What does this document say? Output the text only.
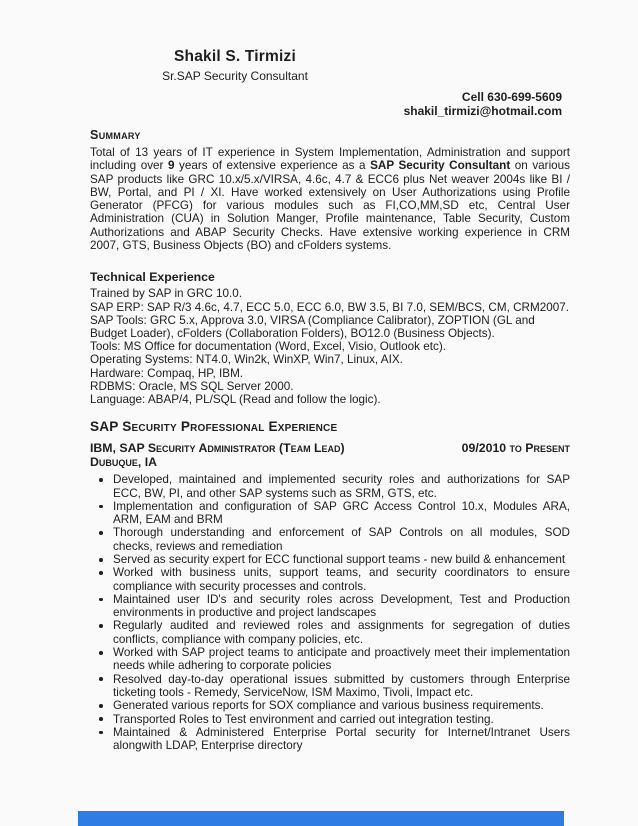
Shakil S. Tirmizi
Sr.SAP Security Consultant
Cell 630-699-5609
shakil_tirmizi@hotmail.com
Summary

Total of 13 years of IT experience in System Implementation, Administration and support including over 9 years of extensive experience as a SAP Security Consultant on various SAP products like GRC 10.x/5.x/VIRSA, 4.6c, 4.7 & ECC6 plus Net weaver 2004s like BI / BW, Portal, and PI / XI. Have worked extensively on User Authorizations using Profile Generator (PFCG) for various modules such as FI,CO,MM,SD etc, Central User Administration (CUA) in Solution Manger, Profile maintenance, Table Security, Custom Authorizations and ABAP Security Checks. Have extensive working experience in CRM 2007, GTS, Business Objects (BO) and cFolders systems.

Technical Experience
Trained by SAP in GRC 10.0.
SAP ERP: SAP R/3 4.6c, 4.7, ECC 5.0, ECC 6.0, BW 3.5, BI 7.0, SEM/BCS, CM, CRM2007.
SAP Tools: GRC 5.x, Approva 3.0, VIRSA (Compliance Calibrator), ZOPTION (GL and
Budget Loader), cFolders (Collaboration Folders), BO12.0 (Business Objects).
Tools: MS Office for documentation (Word, Excel, Visio, Outlook etc).
Operating Systems: NT4.0, Win2k, WinXP, Win7, Linux, AIX.
Hardware: Compaq, HP, IBM.
RDBMS: Oracle, MS SQL Server 2000.
Language: ABAP/4, PL/SQL (Read and follow the logic).
SAP Security Professional Experience
IBM, SAP Security Administrator (Team Lead)	09/2010 to Present
Dubuque, IA
Developed, maintained and implemented security roles and authorizations for SAP ECC, BW, PI, and other SAP systems such as SRM, GTS, etc.
Implementation and configuration of SAP GRC Access Control 10.x, Modules ARA, ARM, EAM and BRM
Thorough understanding and enforcement of SAP Controls on all modules, SOD checks, reviews and remediation
Served as security expert for ECC functional support teams - new build & enhancement
Worked with business units, support teams, and security coordinators to ensure compliance with security processes and controls.
Maintained user ID's and security roles across Development, Test and Production environments in productive and project landscapes
Regularly audited and reviewed roles and assignments for segregation of duties conflicts, compliance with company policies, etc.
Worked with SAP project teams to anticipate and proactively meet their implementation needs while adhering to corporate policies
Resolved day-to-day operational issues submitted by customers through Enterprise ticketing tools - Remedy, ServiceNow, ISM Maximo, Tivoli, Impact etc.
Generated various reports for SOX compliance and various business requirements.
Transported Roles to Test environment and carried out integration testing.
Maintained & Administered Enterprise Portal security for Internet/Intranet Users alongwith LDAP, Enterprise directory
